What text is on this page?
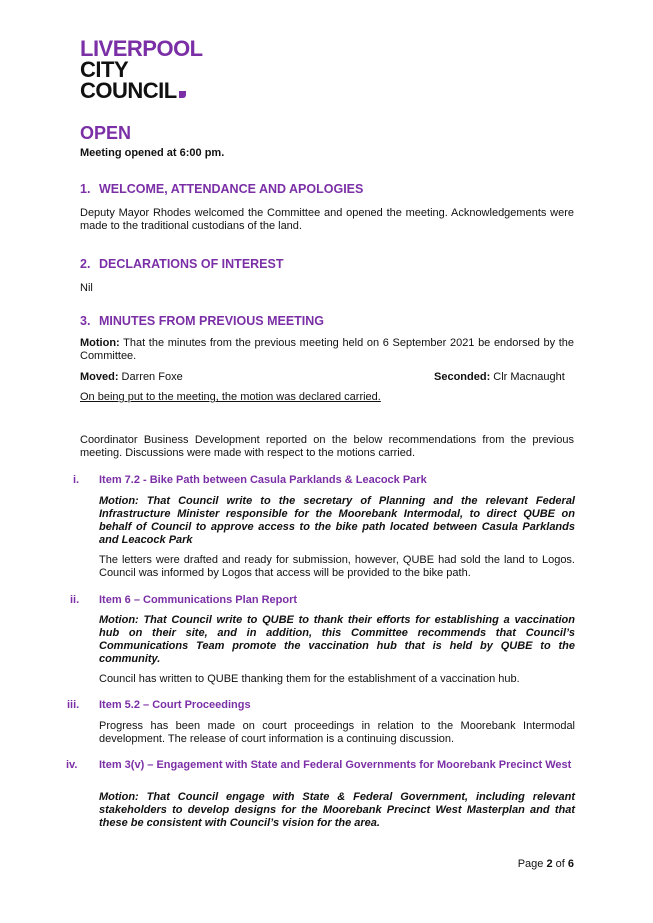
LIVERPOOL
CITY
COUNCIL
OPEN
Meeting opened at 6:00 pm.
1. WELCOME, ATTENDANCE AND APOLOGIES
Deputy Mayor Rhodes welcomed the Committee and opened the meeting. Acknowledgements were made to the traditional custodians of the land.
2. DECLARATIONS OF INTEREST
Nil
3. MINUTES FROM PREVIOUS MEETING
Motion: That the minutes from the previous meeting held on 6 September 2021 be endorsed by the Committee.
Moved: Darren Foxe	Seconded: Clr Macnaught
On being put to the meeting, the motion was declared carried.
Coordinator Business Development reported on the below recommendations from the previous meeting. Discussions were made with respect to the motions carried.
i. Item 7.2 - Bike Path between Casula Parklands & Leacock Park
Motion: That Council write to the secretary of Planning and the relevant Federal Infrastructure Minister responsible for the Moorebank Intermodal, to direct QUBE on behalf of Council to approve access to the bike path located between Casula Parklands and Leacock Park
The letters were drafted and ready for submission, however, QUBE had sold the land to Logos. Council was informed by Logos that access will be provided to the bike path.
ii. Item 6 – Communications Plan Report
Motion: That Council write to QUBE to thank their efforts for establishing a vaccination hub on their site, and in addition, this Committee recommends that Council’s Communications Team promote the vaccination hub that is held by QUBE to the community.
Council has written to QUBE thanking them for the establishment of a vaccination hub.
iii. Item 5.2 – Court Proceedings
Progress has been made on court proceedings in relation to the Moorebank Intermodal development. The release of court information is a continuing discussion.
iv. Item 3(v) – Engagement with State and Federal Governments for Moorebank Precinct West
Motion: That Council engage with State & Federal Government, including relevant stakeholders to develop designs for the Moorebank Precinct West Masterplan and that these be consistent with Council’s vision for the area.
Page 2 of 6
